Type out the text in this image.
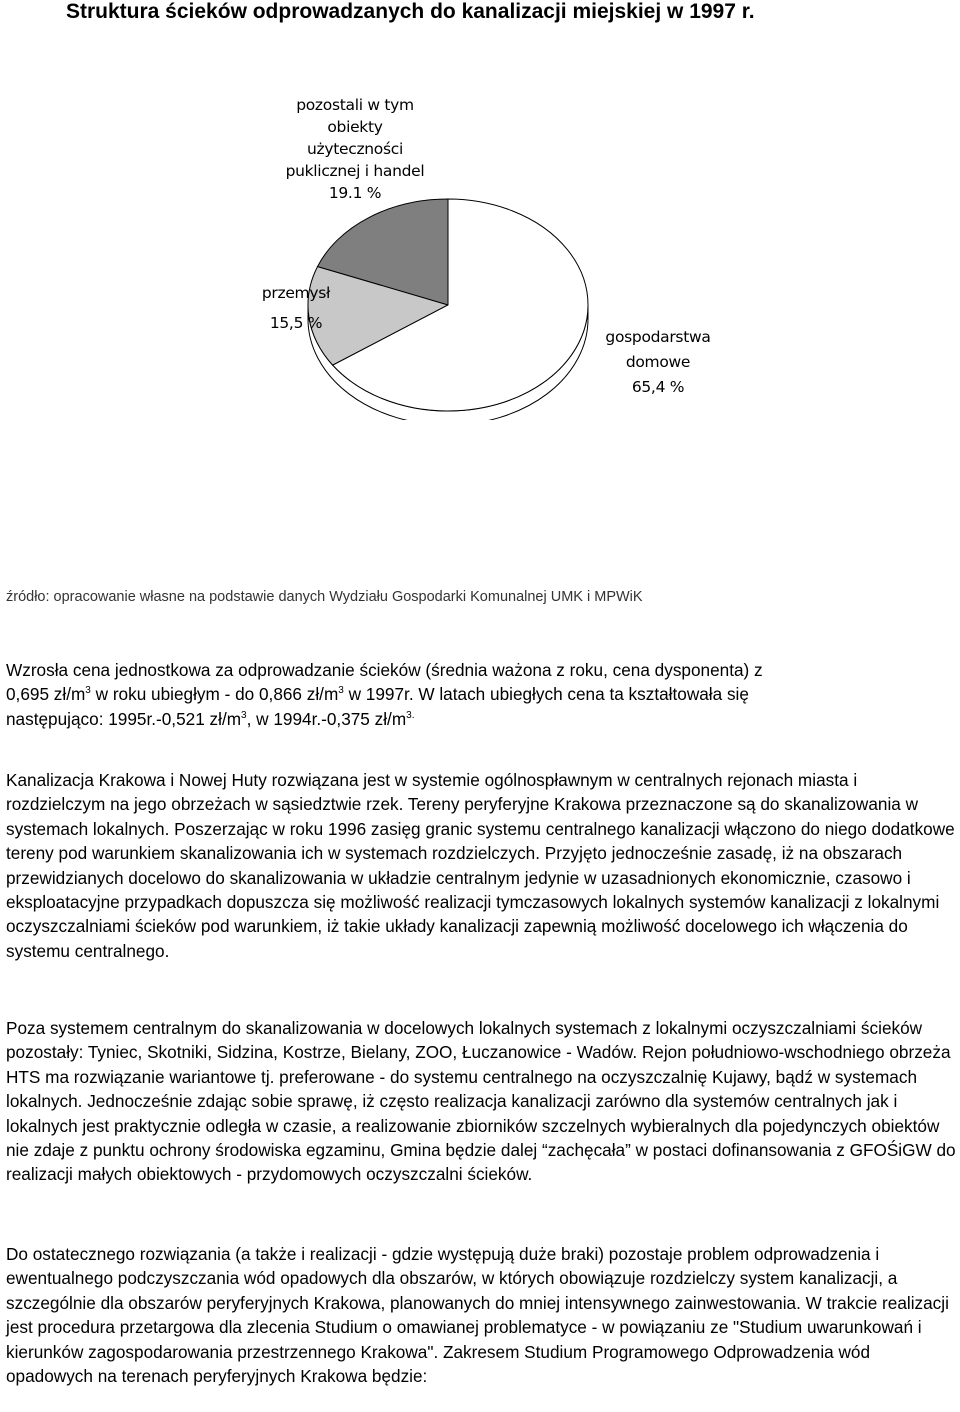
Struktura ścieków odprowadzanych do kanalizacji miejskiej w 1997 r.
pozostali w tym
obiekty
użyteczności
puklicznej i handel
19.1 %
przemysł
15,5 %
gospodarstwa
domowe
65,4 %
źródło: opracowanie własne na podstawie danych Wydziału Gospodarki Komunalnej UMK i MPWiK
Wzrosła cena jednostkowa za odprowadzanie ścieków (średnia ważona z roku, cena dysponenta) z
0,695 $zł/m^3$ w roku ubiegłym - do 0,866 $zł/m^3$ w 1997r. W latach ubiegłych cena ta kształtowała się
następująco: 1995r.-0,521 $zł/m^3$, w 1994r.-0,375 $zł/m^{3.}$

Kanalizacja Krakowa i Nowej Huty rozwiązana jest w systemie ogólnospławnym w centralnych rejonach miasta i rozdzielczym na jego obrzeżach w sąsiedztwie rzek. Tereny peryferyjne Krakowa przeznaczone są do skanalizowania w systemach lokalnych. Poszerzając w roku 1996 zasięg granic systemu centralnego kanalizacji włączono do niego dodatkowe tereny pod warunkiem skanalizowania ich w systemach rozdzielczych. Przyjęto jednocześnie zasadę, iż na obszarach przewidzianych docelowo do skanalizowania w układzie centralnym jedynie w uzasadnionych ekonomicznie, czasowo i eksploatacyjne przypadkach dopuszcza się możliwość realizacji tymczasowych lokalnych systemów kanalizacji z lokalnymi oczyszczalniami ścieków pod warunkiem, iż takie układy kanalizacji zapewnią możliwość docelowego ich włączenia do systemu centralnego.

Poza systemem centralnym do skanalizowania w docelowych lokalnych systemach z lokalnymi oczyszczalniami ścieków pozostały: Tyniec, Skotniki, Sidzina, Kostrze, Bielany, ZOO, Łuczanowice - Wadów. Rejon południowo-wschodniego obrzeża HTS ma rozwiązanie wariantowe tj. preferowane - do systemu centralnego na oczyszczalnię Kujawy, bądź w systemach lokalnych. Jednocześnie zdając sobie sprawę, iż często realizacja kanalizacji zarówno dla systemów centralnych jak i lokalnych jest praktycznie odległa w czasie, a realizowanie zbiorników szczelnych wybieralnych dla pojedynczych obiektów nie zdaje z punktu ochrony środowiska egzaminu, Gmina będzie dalej “zachęcała” w postaci dofinansowania z GFOŚiGW do realizacji małych obiektowych - przydomowych oczyszczalni ścieków.

Do ostatecznego rozwiązania (a także i realizacji - gdzie występują duże braki) pozostaje problem odprowadzenia i ewentualnego podczyszczania wód opadowych dla obszarów, w których obowiązuje rozdzielczy system kanalizacji, a szczególnie dla obszarów peryferyjnych Krakowa, planowanych do mniej intensywnego zainwestowania. W trakcie realizacji jest procedura przetargowa dla zlecenia Studium o omawianej problematyce - w powiązaniu ze "Studium uwarunkowań i kierunków zagospodarowania przestrzennego Krakowa". Zakresem Studium Programowego Odprowadzenia wód opadowych na terenach peryferyjnych Krakowa będzie:
